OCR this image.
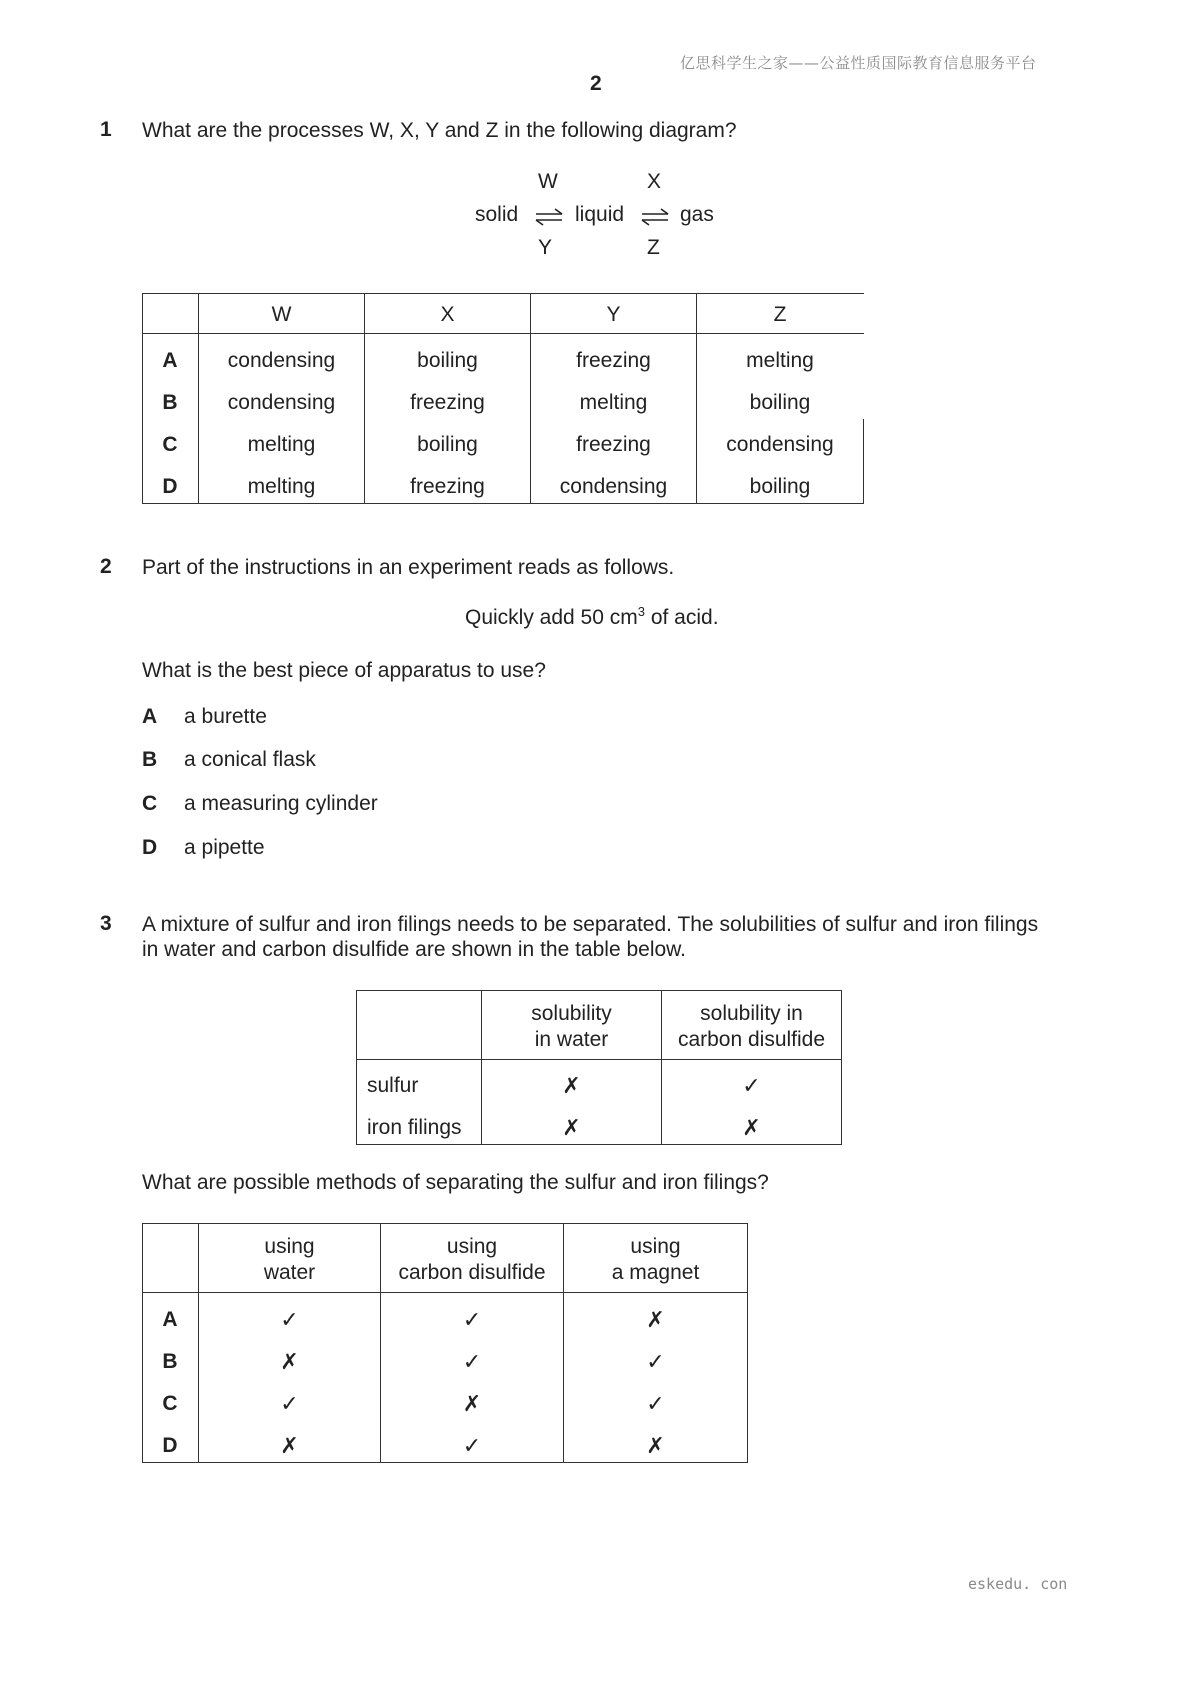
亿思科学生之家——公益性质国际教育信息服务平台
2
1 What are the processes W, X, Y and Z in the following diagram?
W	X
solid ⇌ liquid ⇌ gas
Y	Z
W	X	Y	Z
A	condensing	boiling	freezing	melting
B	condensing	freezing	melting	boiling
C	melting	boiling	freezing	condensing
D	melting	freezing	condensing	boiling
2 Part of the instructions in an experiment reads as follows.
Quickly add 50 $cm^3$ of acid.
What is the best piece of apparatus to use?
A a burette
B a conical flask
C a measuring cylinder
D a pipette
3 A mixture of sulfur and iron filings needs to be separated. The solubilities of sulfur and iron filings
in water and carbon disulfide are shown in the table below.
solubility
in water
solubility in
carbon disulfide
sulfur	✗	✓
iron filings	✗	✗
What are possible methods of separating the sulfur and iron filings?
using
water
using
carbon disulfide
using
a magnet
A	✓	✓	✗
B	✗	✓	✓
C	✓	✗	✓
D	✗	✓	✗
eskedu. con
